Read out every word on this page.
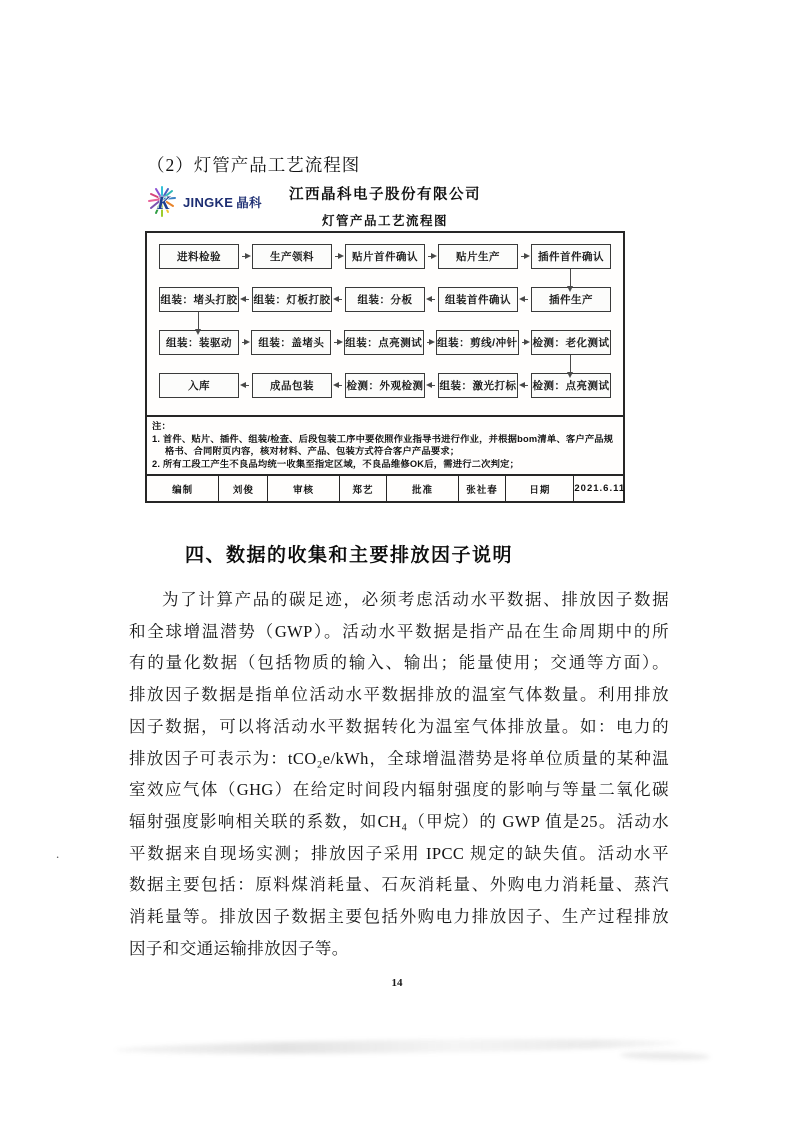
（2）灯管产品工艺流程图
K JINGKE 晶科	江西晶科电子股份有限公司
灯管产品工艺流程图
进料检验	生产领料	贴片首件确认	贴片生产	插件首件确认
组装：堵头打胶 组装：灯板打胶	组装：分板	组装首件确认	插件生产
组装：装驱动	组装：盖堵头	组装：点亮测试 组装：剪线/冲针 检测：老化测试
入库	成品包装	检测：外观检测 组装：激光打标 检测：点亮测试
注：
1. 首件、贴片、插件、组装/检查、后段包装工序中要依照作业指导书进行作业，并根据bom清单、客户产品规格书、合同附页内容，核对材料、产品、包装方式符合客户产品要求；
2. 所有工段工产生不良品均统一收集至指定区域，不良品维修OK后，需进行二次判定；
编制	刘俊	审核	郑艺	批准	张社春	日期	2021.6.11
四、数据的收集和主要排放因子说明
为了计算产品的碳足迹，必须考虑活动水平数据、排放因子数据
和全球增温潜势（GWP）。活动水平数据是指产品在生命周期中的所
有的量化数据（包括物质的输入、输出；能量使用；交通等方面）。
排放因子数据是指单位活动水平数据排放的温室气体数量。利用排放
因子数据，可以将活动水平数据转化为温室气体排放量。如：电力的
排放因子可表示为：tCO₂e/kWh，全球增温潜势是将单位质量的某种温
室效应气体（GHG）在给定时间段内辐射强度的影响与等量二氧化碳
辐射强度影响相关联的系数，如CH₄（甲烷）的 GWP 值是25。活动水
平数据来自现场实测；排放因子采用 IPCC 规定的缺失值。活动水平
数据主要包括：原料煤消耗量、石灰消耗量、外购电力消耗量、蒸汽
消耗量等。排放因子数据主要包括外购电力排放因子、生产过程排放
因子和交通运输排放因子等。
14
.
